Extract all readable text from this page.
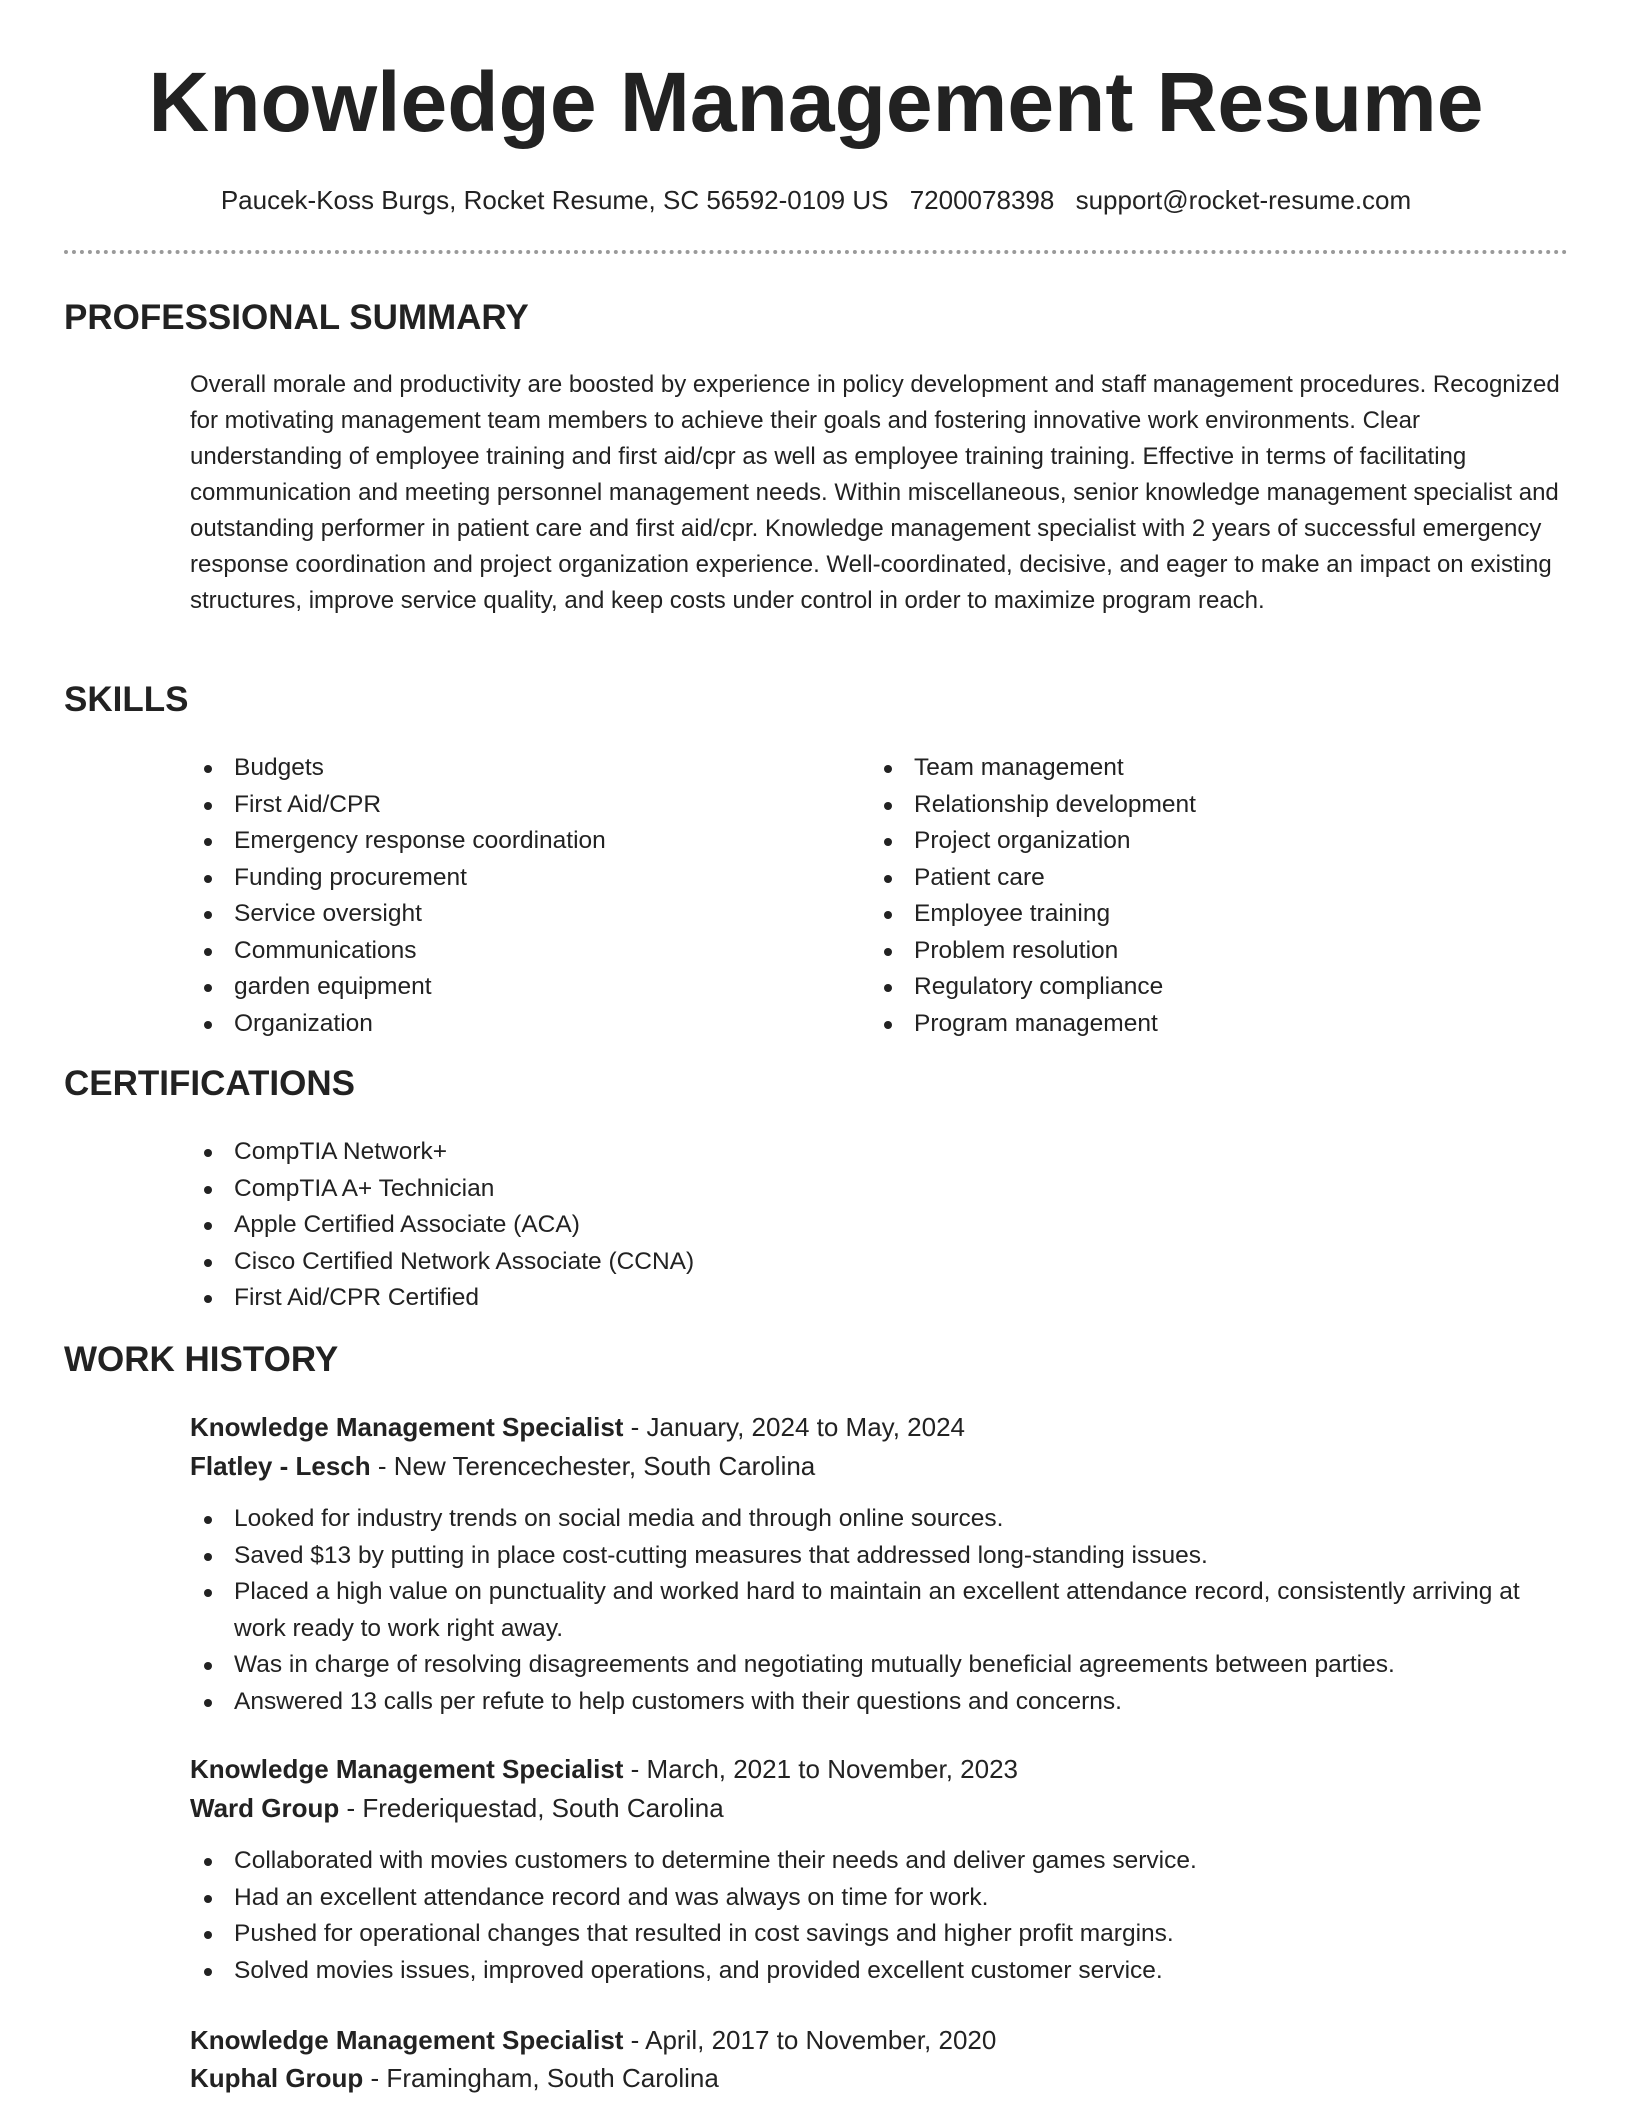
Knowledge Management Resume
Paucek-Koss Burgs, Rocket Resume, SC 56592-0109 US 7200078398 support@rocket-resume.com
PROFESSIONAL SUMMARY

Overall morale and productivity are boosted by experience in policy development and staff management procedures. Recognized for motivating management team members to achieve their goals and fostering innovative work environments. Clear understanding of employee training and first aid/cpr as well as employee training training. Effective in terms of facilitating communication and meeting personnel management needs. Within miscellaneous, senior knowledge management specialist and outstanding performer in patient care and first aid/cpr. Knowledge management specialist with 2 years of successful emergency response coordination and project organization experience. Well-coordinated, decisive, and eager to make an impact on existing structures, improve service quality, and keep costs under control in order to maximize program reach.

SKILLS
Budgets
First Aid/CPR
Emergency response coordination
Funding procurement
Service oversight
Communications
garden equipment
Organization
Team management
Relationship development
Project organization
Patient care
Employee training
Problem resolution
Regulatory compliance
Program management
CERTIFICATIONS
CompTIA Network+
CompTIA A+ Technician
Apple Certified Associate (ACA)
Cisco Certified Network Associate (CCNA)
First Aid/CPR Certified
WORK HISTORY
Knowledge Management Specialist - January, 2024 to May, 2024
Flatley - Lesch - New Terencechester, South Carolina
Looked for industry trends on social media and through online sources.
Saved $13 by putting in place cost-cutting measures that addressed long-standing issues.
Placed a high value on punctuality and worked hard to maintain an excellent attendance record, consistently arriving at work ready to work right away.
Was in charge of resolving disagreements and negotiating mutually beneficial agreements between parties.
Answered 13 calls per refute to help customers with their questions and concerns.
Knowledge Management Specialist - March, 2021 to November, 2023
Ward Group - Frederiquestad, South Carolina
Collaborated with movies customers to determine their needs and deliver games service.
Had an excellent attendance record and was always on time for work.
Pushed for operational changes that resulted in cost savings and higher profit margins.
Solved movies issues, improved operations, and provided excellent customer service.
Knowledge Management Specialist - April, 2017 to November, 2020
Kuphal Group - Framingham, South Carolina
